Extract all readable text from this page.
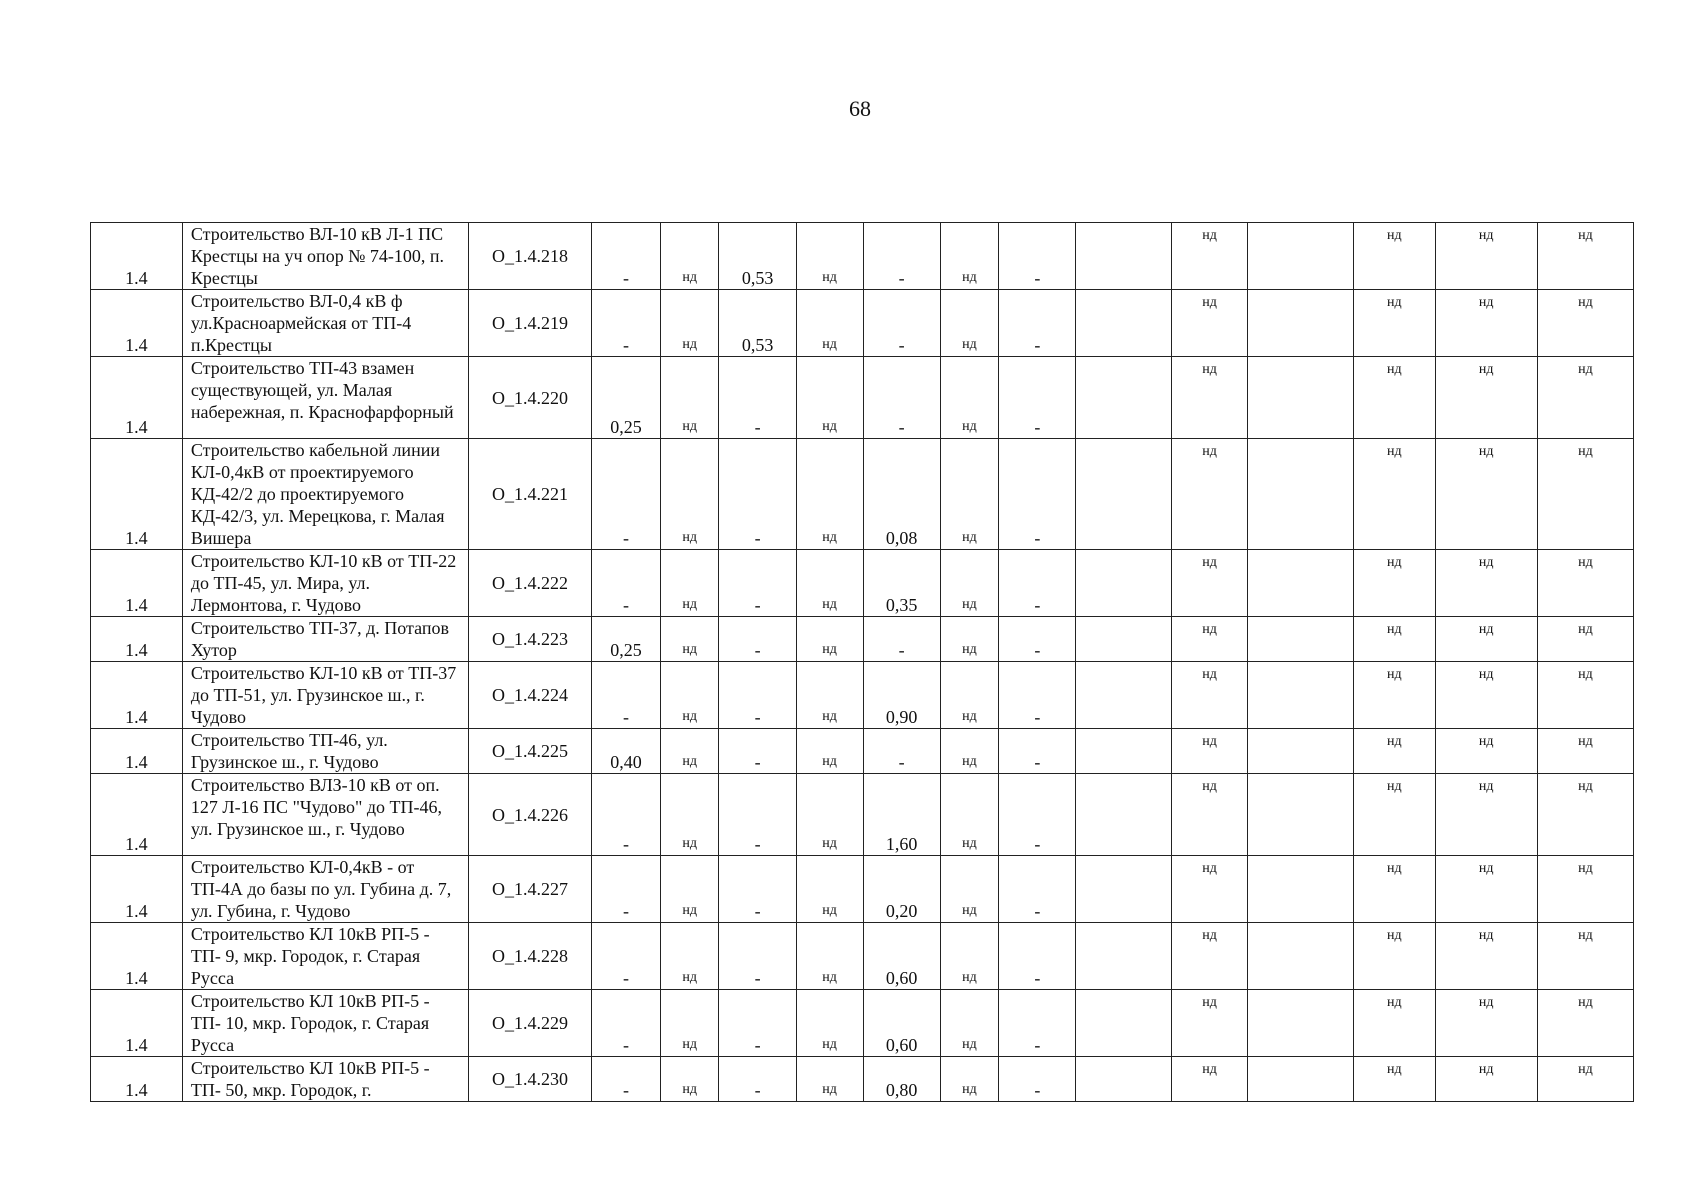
68
1.4	Строительство ВЛ-10 кВ Л-1 ПС Крестцы на уч опор № 74-100, п. Крестцы	О_1.4.218	-	нд	0,53	нд	-	нд	-		нд		нд	нд	нд
1.4	Строительство ВЛ-0,4 кВ ф ул.Красноармейская от ТП-4 п.Крестцы	О_1.4.219	-	нд	0,53	нд	-	нд	-		нд		нд	нд	нд
1.4	Строительство ТП-43 взамен существующей, ул. Малая набережная, п. Краснофарфорный	О_1.4.220	0,25	нд	-	нд	-	нд	-		нд		нд	нд	нд
1.4	Строительство кабельной линии КЛ-0,4кВ от проектируемого КД-42/2 до проектируемого КД-42/3, ул. Мерецкова, г. Малая Вишера	О_1.4.221	-	нд	-	нд	0,08	нд	-		нд		нд	нд	нд
1.4	Строительство КЛ-10 кВ от ТП-22 до ТП-45, ул. Мира, ул. Лермонтова, г. Чудово	О_1.4.222	-	нд	-	нд	0,35	нд	-		нд		нд	нд	нд
1.4	Строительство ТП-37, д. Потапов Хутор	О_1.4.223	0,25	нд	-	нд	-	нд	-		нд		нд	нд	нд
1.4	Строительство КЛ-10 кВ от ТП-37 до ТП-51, ул. Грузинское ш., г. Чудово	О_1.4.224	-	нд	-	нд	0,90	нд	-		нд		нд	нд	нд
1.4	Строительство ТП-46, ул. Грузинское ш., г. Чудово	О_1.4.225	0,40	нд	-	нд	-	нд	-		нд		нд	нд	нд
1.4	Строительство ВЛЗ-10 кВ от оп. 127 Л-16 ПС "Чудово" до ТП-46, ул. Грузинское ш., г. Чудово	О_1.4.226	-	нд	-	нд	1,60	нд	-		нд		нд	нд	нд
1.4	Строительство КЛ-0,4кВ - от ТП-4А до базы по ул. Губина д. 7, ул. Губина, г. Чудово	О_1.4.227	-	нд	-	нд	0,20	нд	-		нд		нд	нд	нд
1.4	Строительство КЛ 10кВ РП-5 - ТП- 9, мкр. Городок, г. Старая Русса	О_1.4.228	-	нд	-	нд	0,60	нд	-		нд		нд	нд	нд
1.4	Строительство КЛ 10кВ РП-5 - ТП- 10, мкр. Городок, г. Старая Русса	О_1.4.229	-	нд	-	нд	0,60	нд	-		нд		нд	нд	нд
1.4	Строительство КЛ 10кВ РП-5 - ТП- 50, мкр. Городок, г.	О_1.4.230	-	нд	-	нд	0,80	нд	-		нд		нд	нд	нд
